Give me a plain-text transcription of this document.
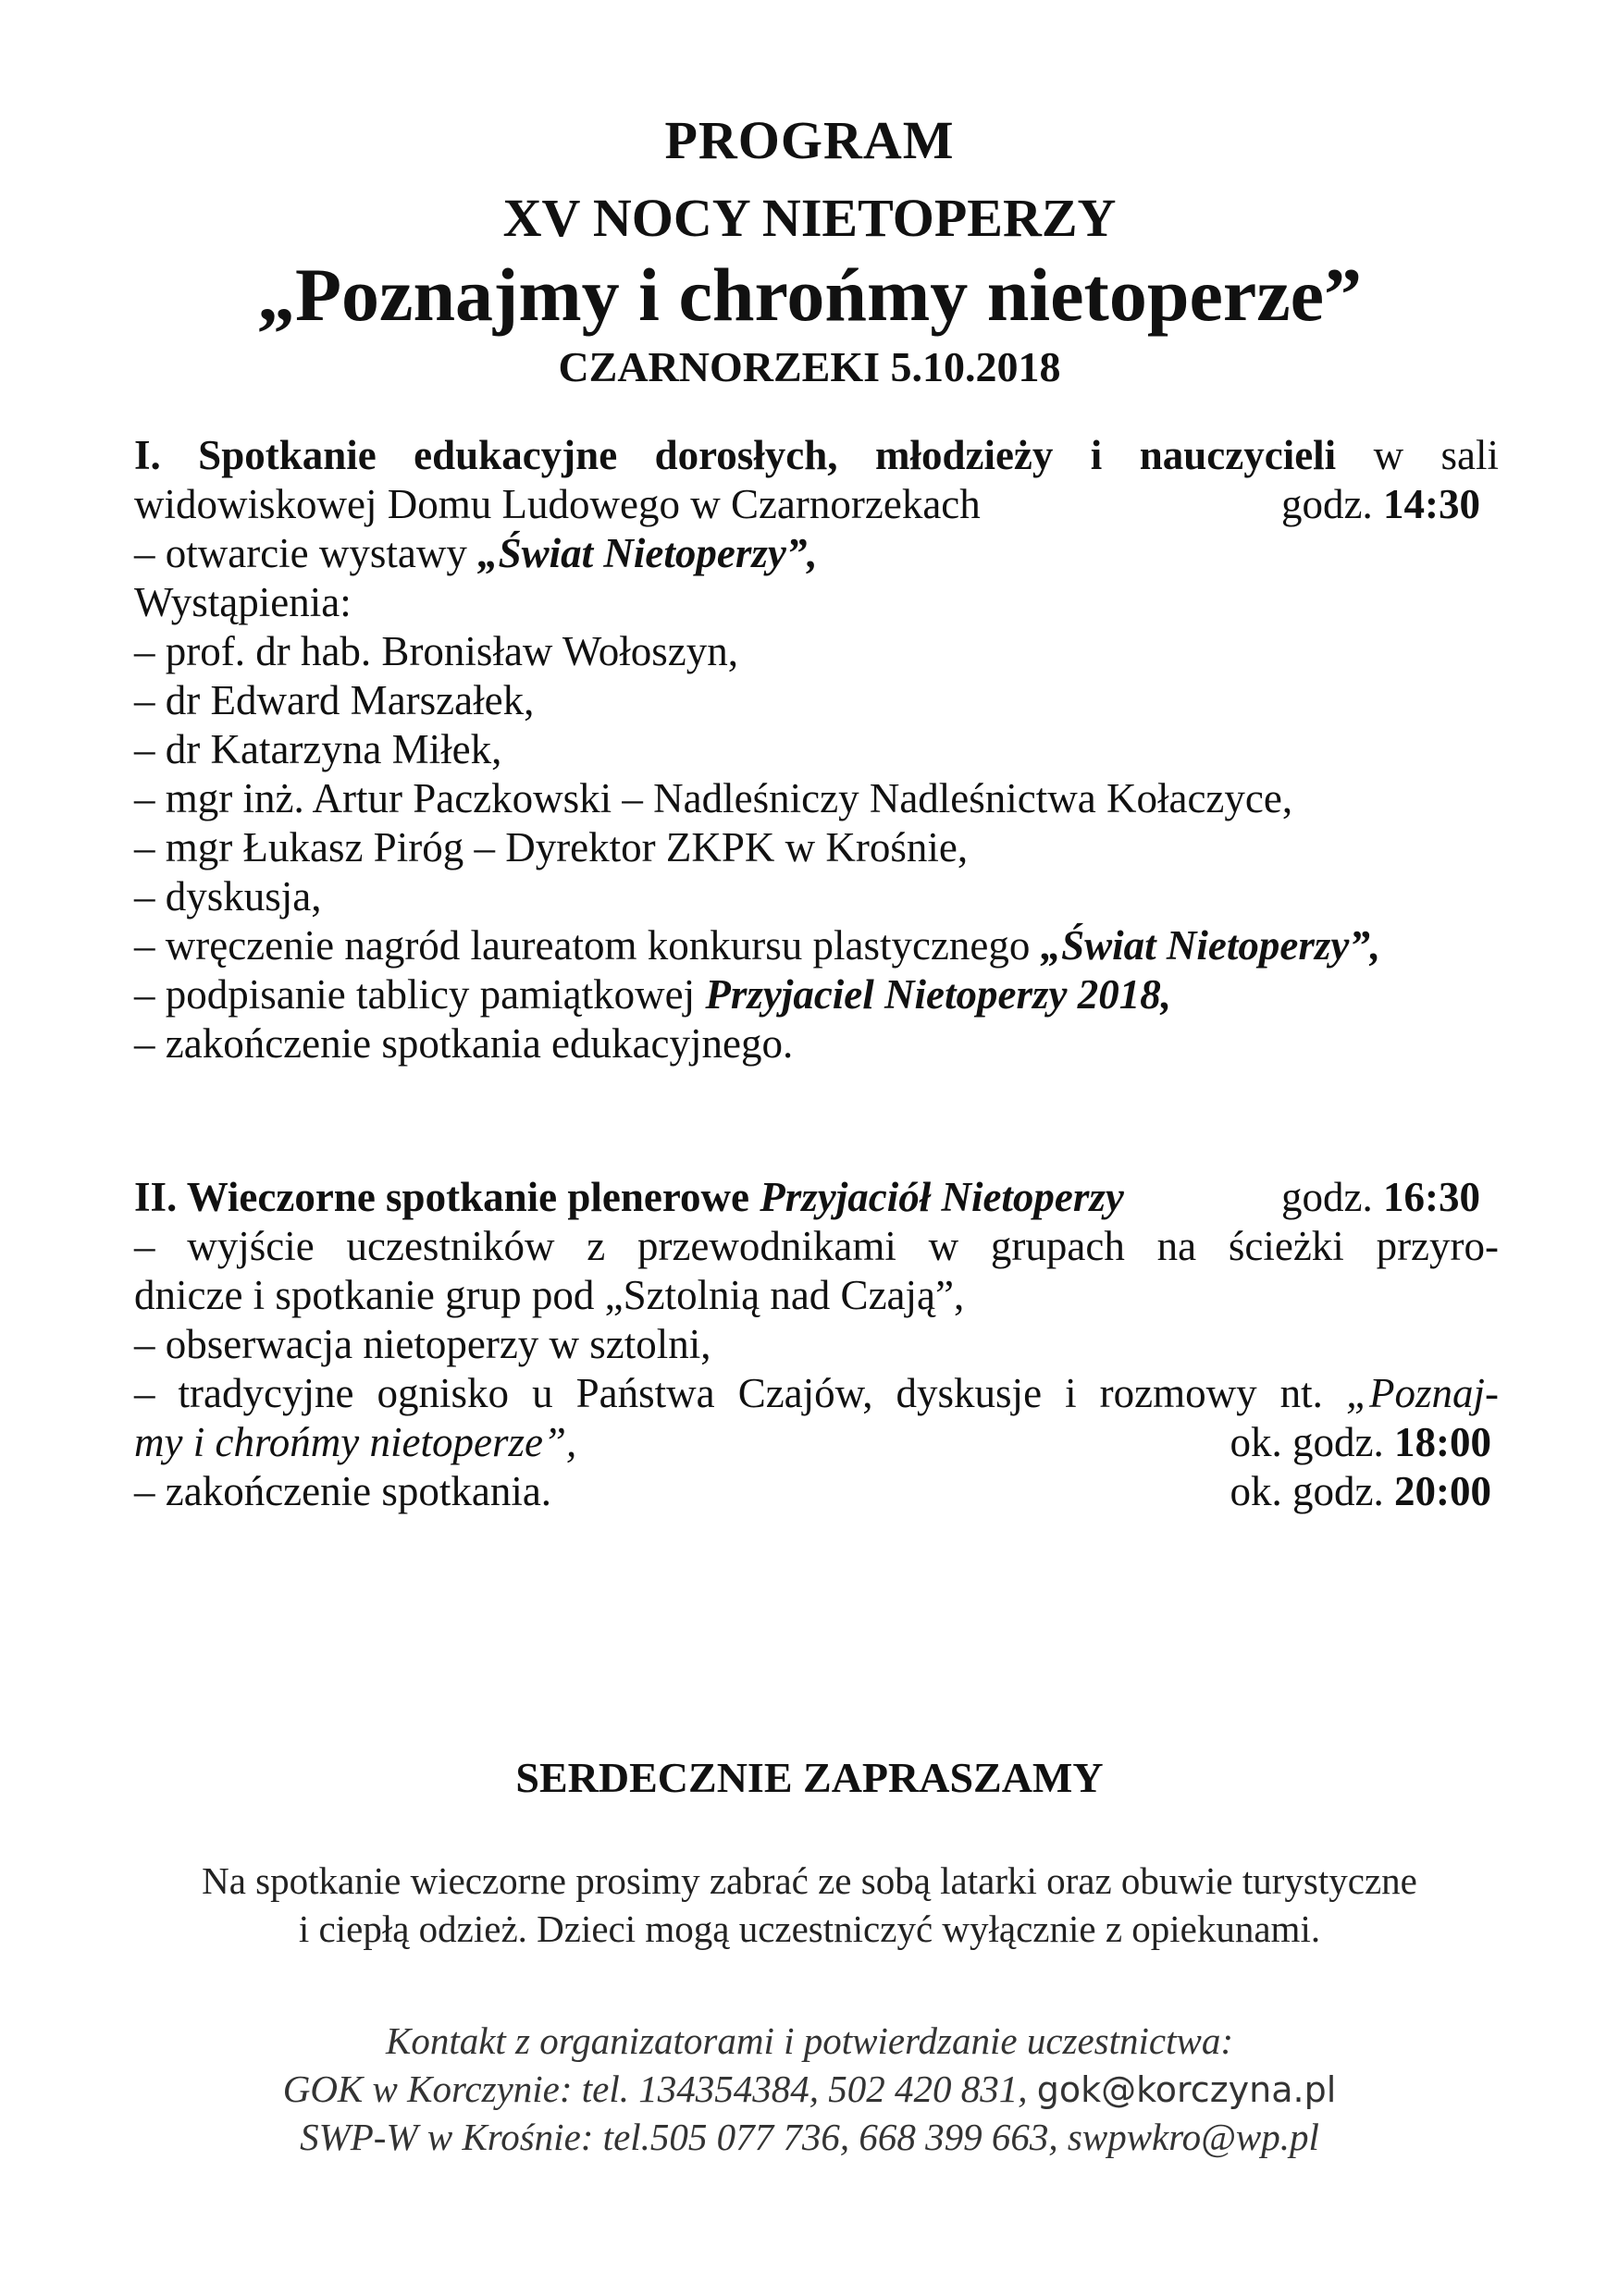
PROGRAM
XV NOCY NIETOPERZY
„Poznajmy i chrońmy nietoperze”
CZARNORZEKI 5.10.2018
I. Spotkanie edukacyjne dorosłych, młodzieży i nauczycieli w sali
widowiskowej Domu Ludowego w Czarnorzekach	godz. 14:30
– otwarcie wystawy „Świat Nietoperzy”,
Wystąpienia:
– prof. dr hab. Bronisław Wołoszyn,
– dr Edward Marszałek,
– dr Katarzyna Miłek,
– mgr inż. Artur Paczkowski – Nadleśniczy Nadleśnictwa Kołaczyce,
– mgr Łukasz Piróg – Dyrektor ZKPK w Krośnie,
– dyskusja,
– wręczenie nagród laureatom konkursu plastycznego „Świat Nietoperzy”,
– podpisanie tablicy pamiątkowej Przyjaciel Nietoperzy 2018,
– zakończenie spotkania edukacyjnego.
II. Wieczorne spotkanie plenerowe Przyjaciół Nietoperzy	godz. 16:30
– wyjście uczestników z przewodnikami w grupach na ścieżki przyro-
dnicze i spotkanie grup pod „Sztolnią nad Czają”,
– obserwacja nietoperzy w sztolni,
– tradycyjne ognisko u Państwa Czajów, dyskusje i rozmowy nt. „Poznaj-
my i chrońmy nietoperze”,	ok. godz. 18:00
– zakończenie spotkania.	ok. godz. 20:00
SERDECZNIE ZAPRASZAMY
Na spotkanie wieczorne prosimy zabrać ze sobą latarki oraz obuwie turystyczne
i ciepłą odzież. Dzieci mogą uczestniczyć wyłącznie z opiekunami.
Kontakt z organizatorami i potwierdzanie uczestnictwa:
GOK w Korczynie: tel. 134354384, 502 420 831, gok@korczyna.pl
SWP-W w Krośnie: tel.505 077 736, 668 399 663, swpwkro@wp.pl
